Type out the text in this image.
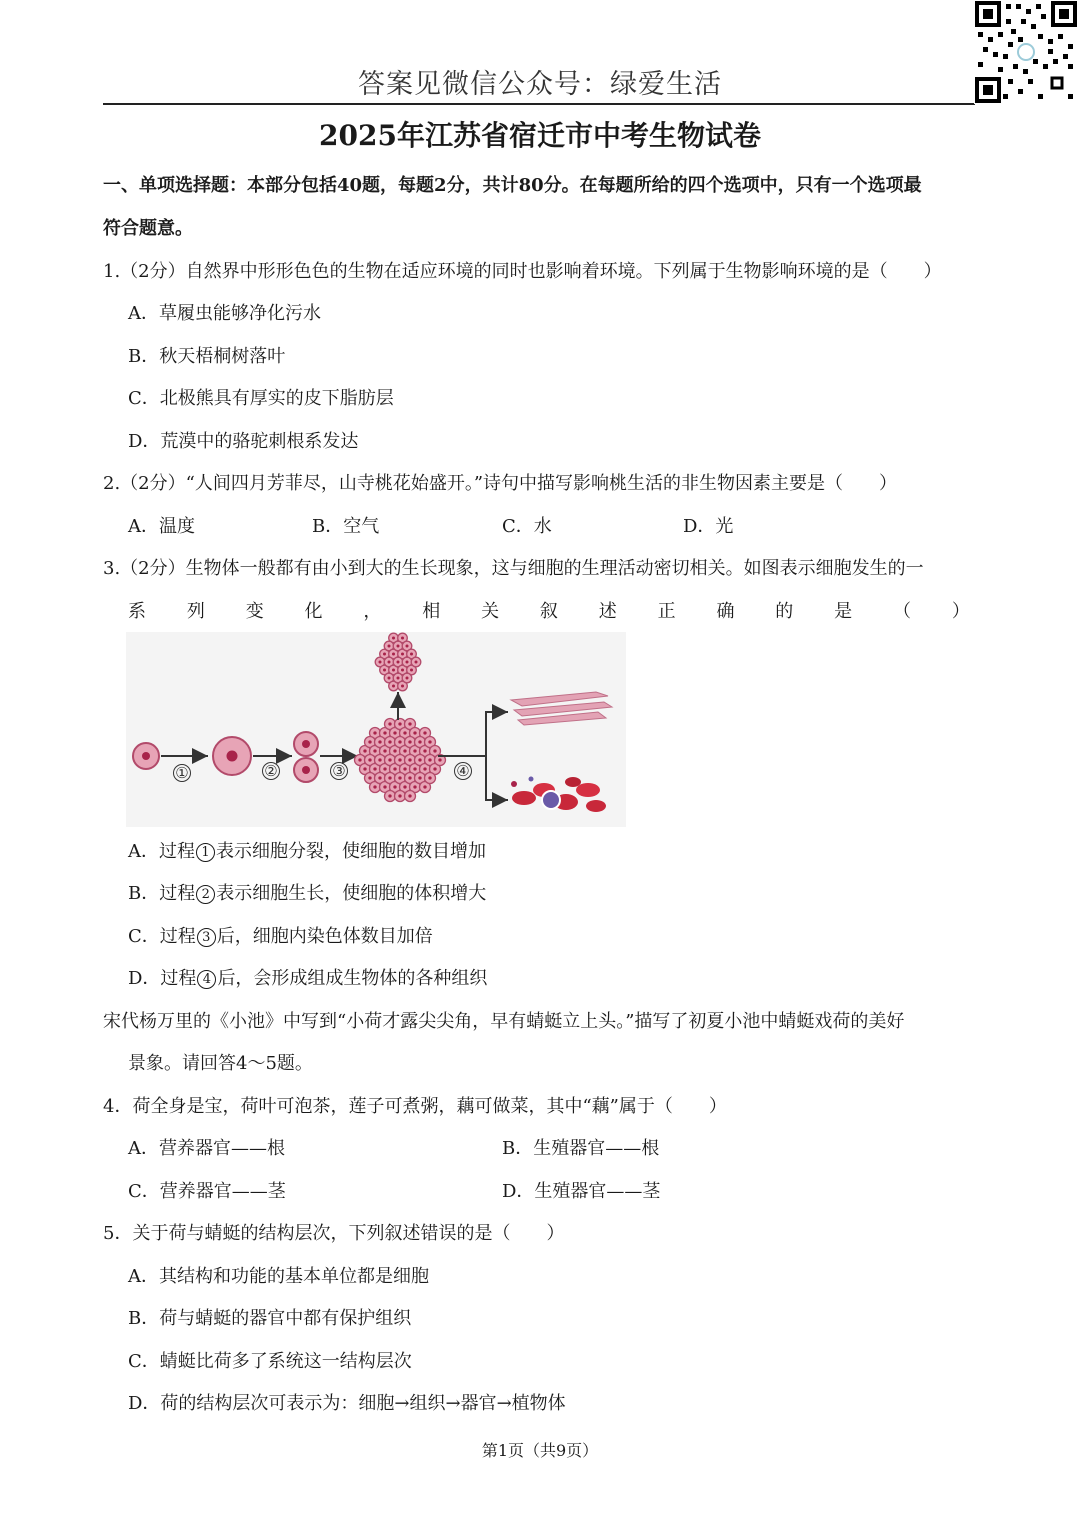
答案见微信公众号：绿爱生活
2025年江苏省宿迁市中考生物试卷
一、单项选择题：本部分包括40题，每题2分，共计80分。在每题所给的四个选项中，只有一个选项最
符合题意。
1.（2分）自然界中形形色色的生物在适应环境的同时也影响着环境。下列属于生物影响环境的是（　　）
A．草履虫能够净化污水
B．秋天梧桐树落叶
C．北极熊具有厚实的皮下脂肪层
D．荒漠中的骆驼刺根系发达
2.（2分）“人间四月芳菲尽，山寺桃花始盛开。”诗句中描写影响桃生活的非生物因素主要是（　　）
A．温度	B．空气	C．水	D．光
3.（2分）生物体一般都有由小到大的生长现象，这与细胞的生理活动密切相关。如图表示细胞发生的一
系 列 变 化 ， 相 关 叙 述 正 确 的 是 （ ）
①	②	③	④
A．过程 1 表示细胞分裂，使细胞的数目增加
B．过程 2 表示细胞生长，使细胞的体积增大
C．过程 3 后，细胞内染色体数目加倍
D．过程 4 后，会形成组成生物体的各种组织
宋代杨万里的《小池》中写到“小荷才露尖尖角，早有蜻蜓立上头。”描写了初夏小池中蜻蜓戏荷的美好
景象。请回答4～5题。
4．荷全身是宝，荷叶可泡茶，莲子可煮粥，藕可做菜，其中“藕”属于（　　）
A．营养器官——根	B．生殖器官——根
C．营养器官——茎	D．生殖器官——茎
5．关于荷与蜻蜓的结构层次，下列叙述错误的是（　　）
A．其结构和功能的基本单位都是细胞
B．荷与蜻蜓的器官中都有保护组织
C．蜻蜓比荷多了系统这一结构层次
D．荷的结构层次可表示为：细胞→组织→器官→植物体
第1页（共9页）
